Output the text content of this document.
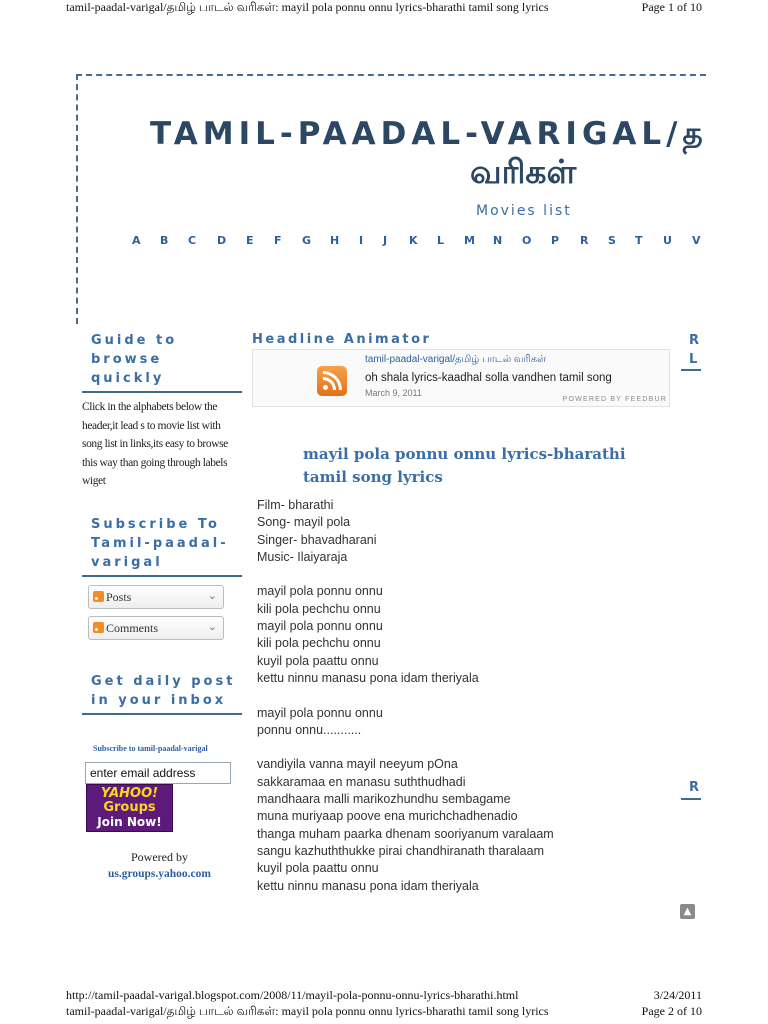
tamil-paadal-varigal/தமிழ் பாடல் வரிகள்: mayil pola ponnu onnu lyrics-bharathi tamil song lyrics	Page 1 of 10
TAMIL-PAADAL-VARIGAL/த
வரிகள்
Movies list
A B C D E F G H I J K L M N O P R S T U V
Guide to browse quickly
Click in the alphabets below the header,it lead s to movie list with song list in links,its easy to browse this way than going through labels wiget
Subscribe To Tamil-paadal-varigal
Posts	⌄
Comments	⌄
Get daily post in your inbox
Subscribe to tamil-paadal-varigal
enter email address
YAHOO!
Groups
Join Now!
Powered by
us.groups.yahoo.com
Headline Animator
tamil-paadal-varigal/தமிழ் பாடல் வரிகள்
oh shala lyrics-kaadhal solla vandhen tamil song
March 9, 2011
POWERED BY FEEDBUR
R
L
R
mayil pola ponnu onnu lyrics-bharathi tamil song lyrics
Film- bharathi
Song- mayil pola
Singer- bhavadharani
Music- Ilaiyaraja
mayil pola ponnu onnu
kili pola pechchu onnu
mayil pola ponnu onnu
kili pola pechchu onnu
kuyil pola paattu onnu
kettu ninnu manasu pona idam theriyala
mayil pola ponnu onnu
ponnu onnu...........
vandiyila vanna mayil neeyum pOna
sakkaramaa en manasu suththudhadi
mandhaara malli marikozhundhu sembagame
muna muriyaap poove ena murichchadhenadio
thanga muham paarka dhenam sooriyanum varalaam
sangu kazhuththukke pirai chandhiranath tharalaam
kuyil pola paattu onnu
kettu ninnu manasu pona idam theriyala
▲
http://tamil-paadal-varigal.blogspot.com/2008/11/mayil-pola-ponnu-onnu-lyrics-bharathi.html	3/24/2011
tamil-paadal-varigal/தமிழ் பாடல் வரிகள்: mayil pola ponnu onnu lyrics-bharathi tamil song lyrics	Page 2 of 10
